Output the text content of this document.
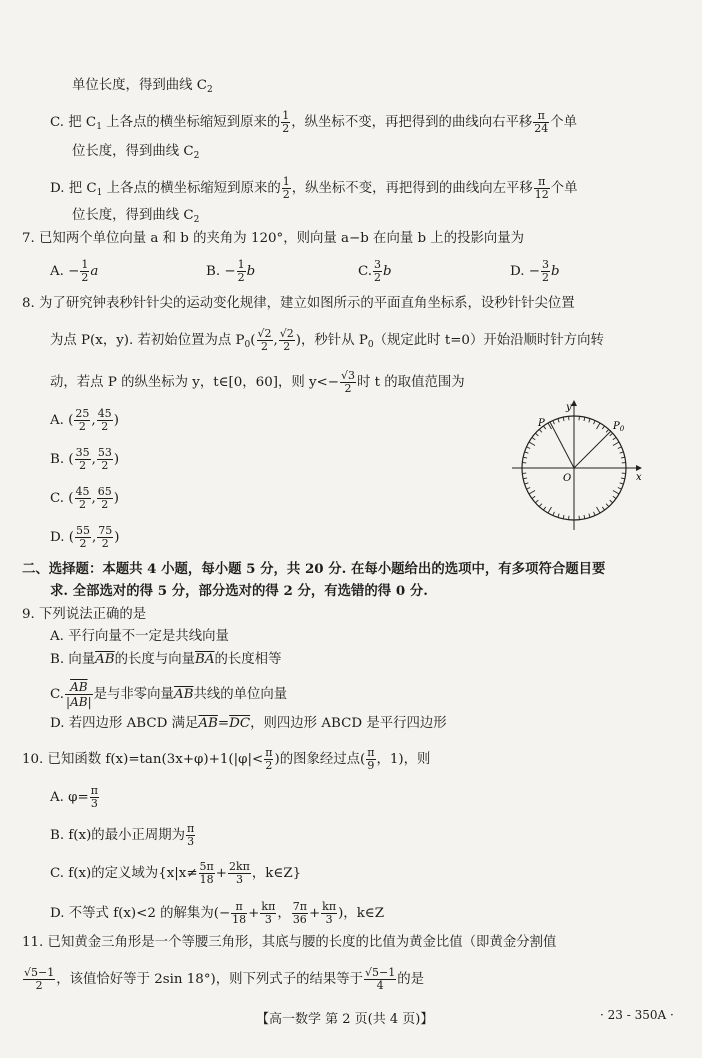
单位长度，得到曲线 $C_2$
C. 把 $C_1$ 上各点的横坐标缩短到原来的 $\frac{1}{2}$ ，纵坐标不变，再把得到的曲线向右平移 $\frac{\pi}{24}$ 个单
位长度，得到曲线 $C_2$
D. 把 $C_1$ 上各点的横坐标缩短到原来的 $\frac{1}{2}$ ，纵坐标不变，再把得到的曲线向左平移 $\frac{\pi}{12}$ 个单
位长度，得到曲线 $C_2$
7. 已知两个单位向量 a 和 b 的夹角为 120°，则向量 a−b 在向量 b 上的投影向量为
A. − $\frac{1}{2}$ a	B. − $\frac{1}{2}$ b	C. $\frac{3}{2}$ b	D. − $\frac{3}{2}$ b
8. 为了研究钟表秒针针尖的运动变化规律，建立如图所示的平面直角坐标系，设秒针针尖位置
为点 P(x，y). 若初始位置为点 $P_0( \frac{√2}{2}$ , $\frac{√2}{2}$ )，秒针从 $P_0$（规定此时 t=0）开始沿顺时针方向转
动，若点 P 的纵坐标为 y，t∈[0，60]，则 $y<- \frac{√3}{2}$ 时 t 的取值范围为
A. ( $\frac{25}{2}$ , $\frac{45}{2}$ )
B. ( $\frac{35}{2}$ , $\frac{53}{2}$ )
C. ( $\frac{45}{2}$ , $\frac{65}{2}$ )
D. ( $\frac{55}{2}$ , $\frac{75}{2}$ )
y
x
O
P	$P_0$
二、选择题：本题共 4 小题，每小题 5 分，共 20 分. 在每小题给出的选项中，有多项符合题目要
求. 全部选对的得 5 分，部分选对的得 2 分，有选错的得 0 分.
9. 下列说法正确的是
A. 平行向量不一定是共线向量
B. 向量$\overline{AB}$的长度与向量$\overline{BA}$的长度相等
C. $\frac{\overline{AB}}{|\overline{AB}|}$ 是与非零向量$\overline{AB}$共线的单位向量
D. 若四边形 ABCD 满足$\overline{AB}=\overline{DC}$，则四边形 ABCD 是平行四边形
10. 已知函数 $f(x)=\tan(3x+\varphi)+1(|\varphi|< \frac{\pi}{2}$ )的图象经过点( $\frac{\pi}{9}$ ，1)，则
A. $\varphi= \frac{\pi}{3}$
B. f(x)的最小正周期为 $\frac{\pi}{3}$
C. f(x)的定义域为{$x|x\ne \frac{5\pi}{18} + \frac{2k\pi}{3}$ ，k∈Z}
D. 不等式 f(x)<2 的解集为(− $\frac{\pi}{18} + \frac{k\pi}{3}$ ， $\frac{7\pi}{36} + \frac{k\pi}{3}$ )，k∈Z
11. 已知黄金三角形是一个等腰三角形，其底与腰的长度的比值为黄金比值（即黄金分割值
$\frac{√5-1}{2}$ ，该值恰好等于 2sin 18°)，则下列式子的结果等于 $\frac{√5-1}{4}$ 的是
【高一数学 第 2 页(共 4 页)】	· 23 - 350A ·
